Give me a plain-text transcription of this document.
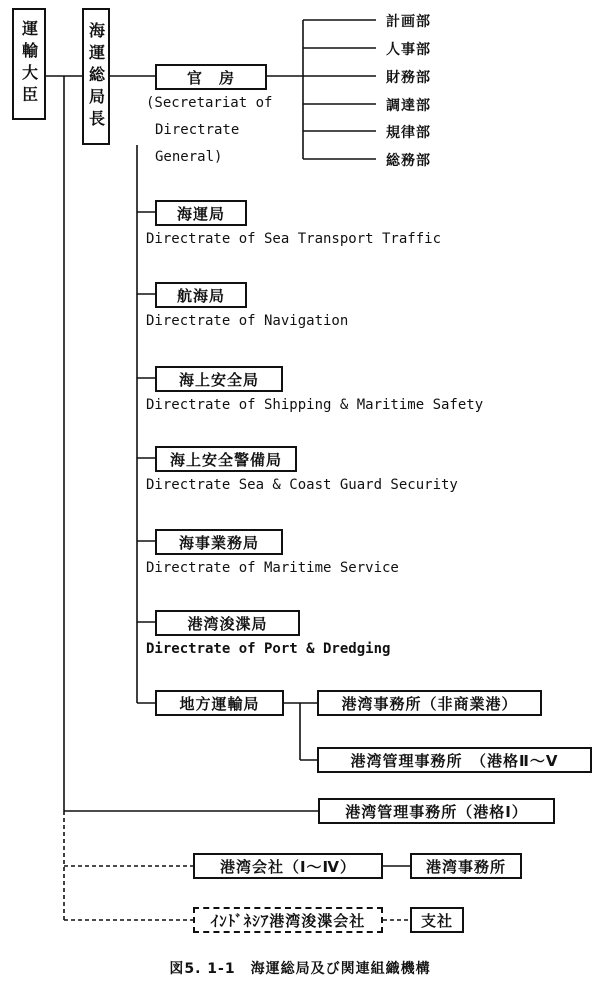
運輸大臣	海運総局長	官　房
(Secretariat of
Directrate
General)
計画部
人事部
財務部
調達部
規律部
総務部
海運局
Directrate of Sea Transport Traffic
航海局
Directrate of Navigation
海上安全局
Directrate of Shipping & Maritime Safety
海上安全警備局
Directrate Sea & Coast Guard Security
海事業務局
Directrate of Maritime Service
港湾浚渫局
Directrate of Port & Dredging
地方運輸局	港湾事務所（非商業港）
港湾管理事務所　（港格Ⅱ～Ⅴ
港湾管理事務所（港格Ⅰ）
港湾会社（Ⅰ～Ⅳ）	港湾事務所
ｲﾝﾄﾞﾈｼｱ港湾浚渫会社	支社
図5. 1-1　海運総局及び関連組織機構
